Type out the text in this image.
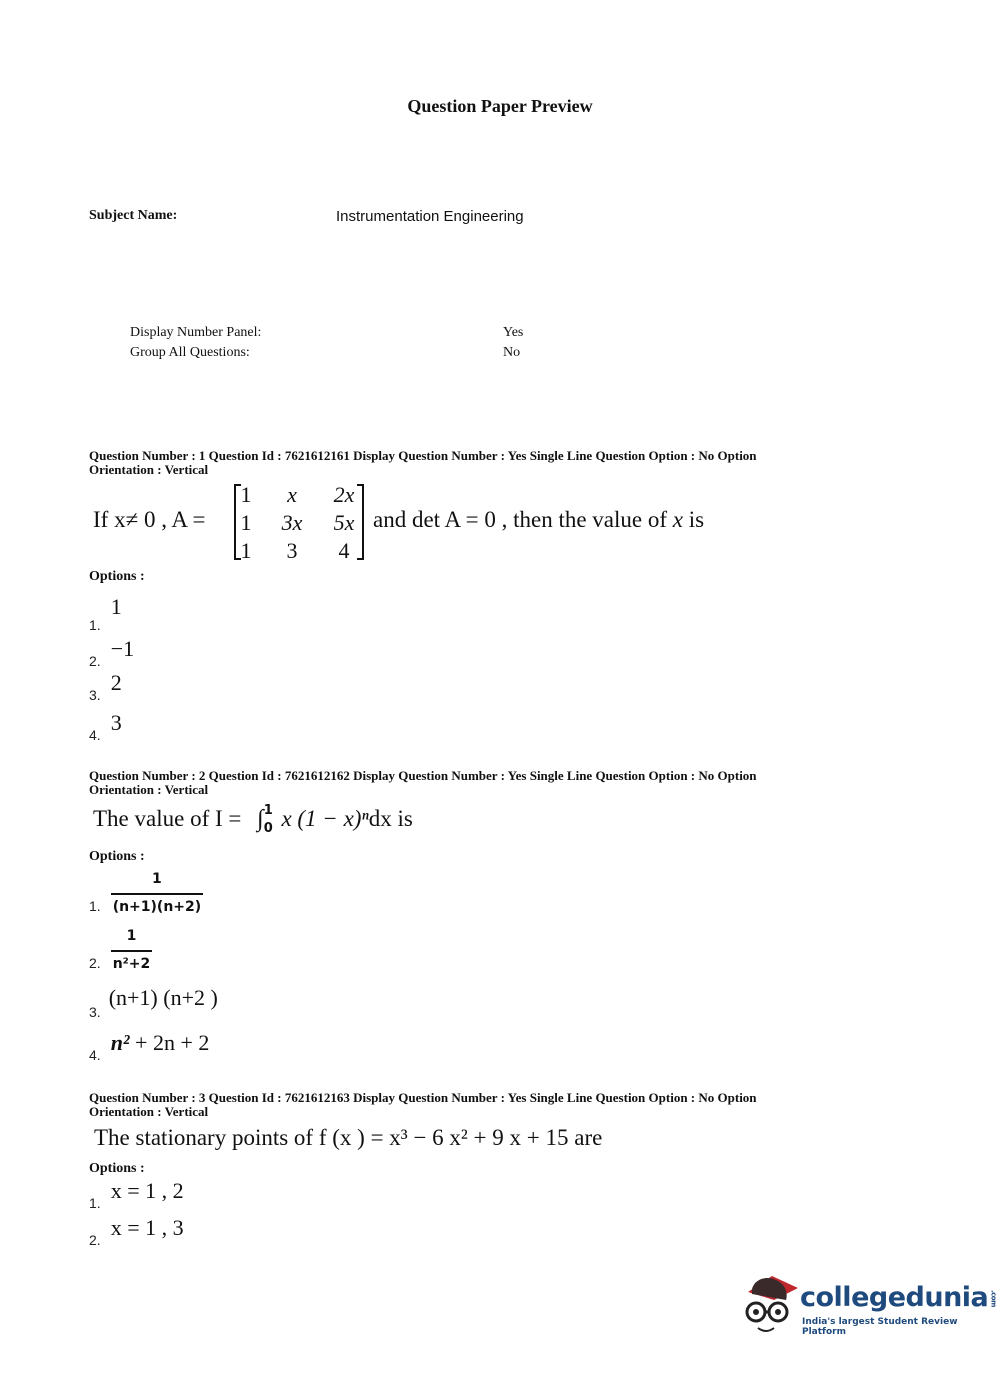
Question Paper Preview
Subject Name:	Instrumentation Engineering
Display Number Panel:	Yes
Group All Questions:	No
Question Number : 1 Question Id : 7621612161 Display Question Number : Yes Single Line Question Option : No Option
Orientation : Vertical
If x≠ 0 , A =
1	x	2x
1	3x	5x
1	3	4
and det A = 0 , then the value of x is
Options :
1. 1
2. −1
3. 2
4. 3
Question Number : 2 Question Id : 7621612162 Display Question Number : Yes Single Line Question Option : No Option
Orientation : Vertical
The value of I = ∫ 1
0 x (1 − x)ⁿdx is
Options :
1. $\frac{1}{(n+1)(n+2)}$
2. $\frac{1}{\text{n²+2}}$
3. (n+1) (n+2 )
4. n² + 2n + 2
Question Number : 3 Question Id : 7621612163 Display Question Number : Yes Single Line Question Option : No Option
Orientation : Vertical
The stationary points of f (x ) = x³ − 6 x² + 9 x + 15 are
Options :
1. x = 1 , 2
2. x = 1 , 3
collegedunia.com
India's largest Student Review Platform
